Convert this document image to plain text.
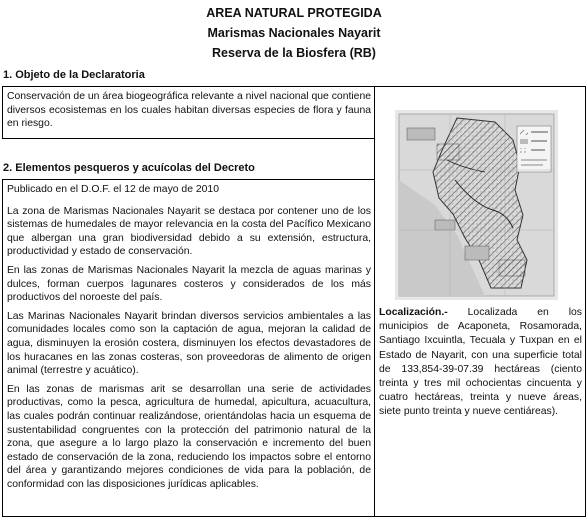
AREA NATURAL PROTEGIDA
Marismas Nacionales Nayarit
Reserva de la Biosfera (RB)
1. Objeto de la Declaratoria

Conservación de un área biogeográfica relevante a nivel nacional que contiene diversos ecosistemas en los cuales habitan diversas especies de flora y fauna en riesgo.

2. Elementos pesqueros y acuícolas del Decreto

Publicado en el D.O.F. el 12 de mayo de 2010

La zona de Marismas Nacionales Nayarit se destaca por contener uno de los sistemas de humedales de mayor relevancia en la costa del Pacífico Mexicano que albergan una gran biodiversidad debido a su extensión, estructura, productividad y estado de conservación.

En las zonas de Marismas Nacionales Nayarit la mezcla de aguas marinas y dulces, forman cuerpos lagunares costeros y considerados de los más productivos del noroeste del país.

Las Marinas Nacionales Nayarit brindan diversos servicios ambientales a las comunidades locales como son la captación de agua, mejoran la calidad de agua, disminuyen la erosión costera, disminuyen los efectos devastadores de los huracanes en las zonas costeras, son proveedoras de alimento de origen animal (terrestre y acuático).

En las zonas de marismas arit se desarrollan una serie de actividades productivas, como la pesca, agricultura de humedal, apicultura, acuacultura, las cuales podrán continuar realizándose, orientándolas hacia un esquema de sustentabilidad congruentes con la protección del patrimonio natural de la zona, que asegure a lo largo plazo la conservación e incremento del buen estado de conservación de la zona, reduciendo los impactos sobre el entorno del área y garantizando mejores condiciones de vida para la población, de conformidad con las disposiciones jurídicas aplicables.

Localización.- Localizada en los municipios de Acaponeta, Rosamorada, Santiago Ixcuintla, Tecuala y Tuxpan en el Estado de Nayarit, con una superficie total de 133,854-39-07.39 hectáreas (ciento treinta y tres mil ochocientas cincuenta y cuatro hectáreas, treinta y nueve áreas, siete punto treinta y nueve centiáreas).
